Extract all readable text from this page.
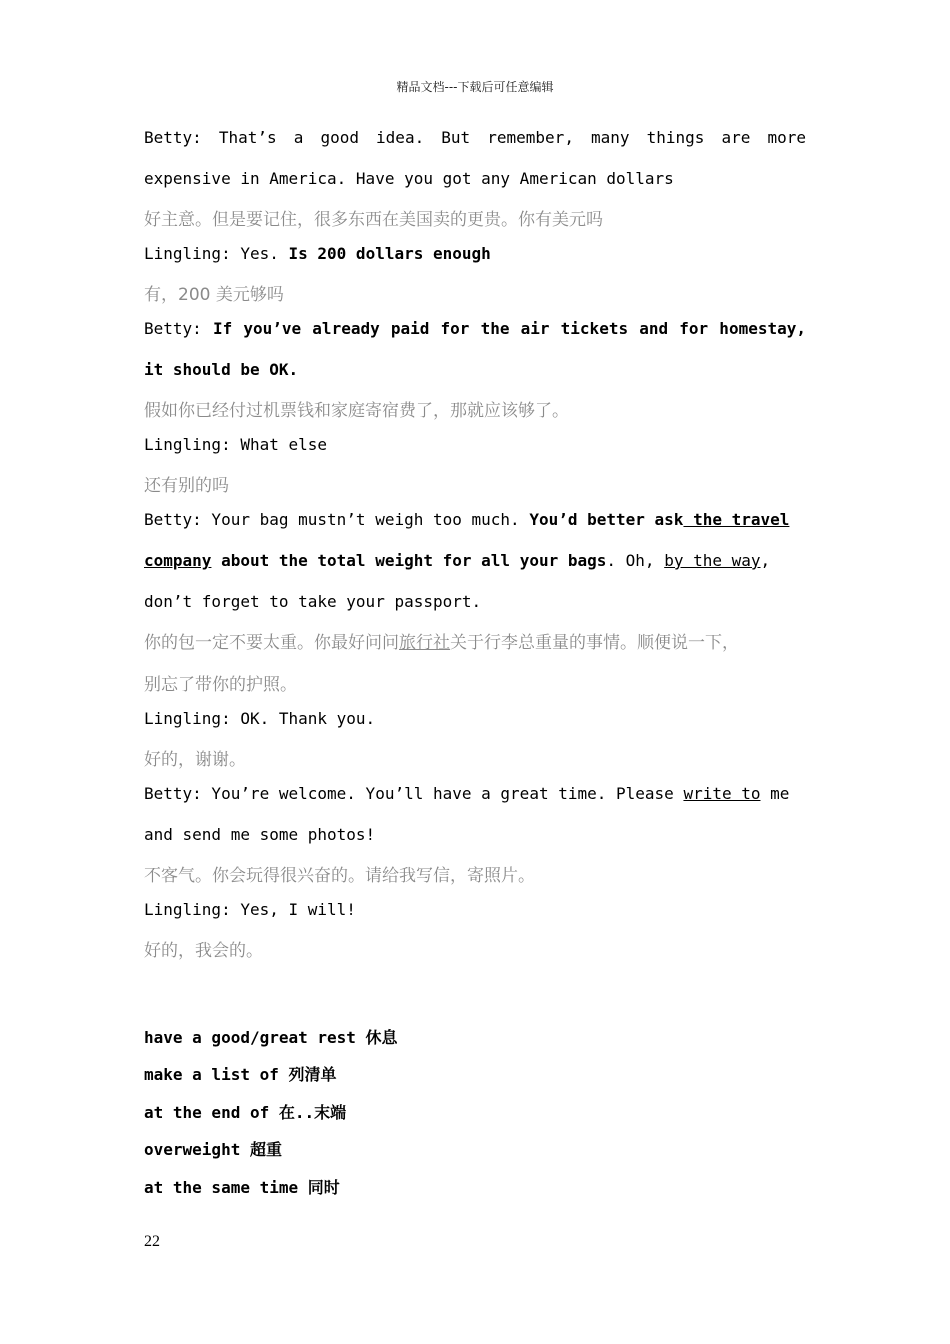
精品文档---下载后可任意编辑
Betty: That’s a good idea. But remember, many things are more
expensive in America. Have you got any American dollars
好主意。但是要记住，很多东西在美国卖的更贵。你有美元吗
Lingling: Yes. Is 200 dollars enough
有，200 美元够吗
Betty: If you’ve already paid for the air tickets and for homestay,
it should be OK.
假如你已经付过机票钱和家庭寄宿费了，那就应该够了。
Lingling: What else
还有别的吗
Betty: Your bag mustn’t weigh too much. You’d better ask the travel
company about the total weight for all your bags. Oh, by the way,
don’t forget to take your passport.
你的包一定不要太重。你最好问问旅行社关于行李总重量的事情。顺便说一下，
别忘了带你的护照。
Lingling: OK. Thank you.
好的，谢谢。
Betty: You’re welcome. You’ll have a great time. Please write to me
and send me some photos!
不客气。你会玩得很兴奋的。请给我写信，寄照片。
Lingling: Yes, I will!
好的，我会的。
have a good/great rest 休息
make a list of 列清单
at the end of 在..末端
overweight 超重
at the same time 同时
22
